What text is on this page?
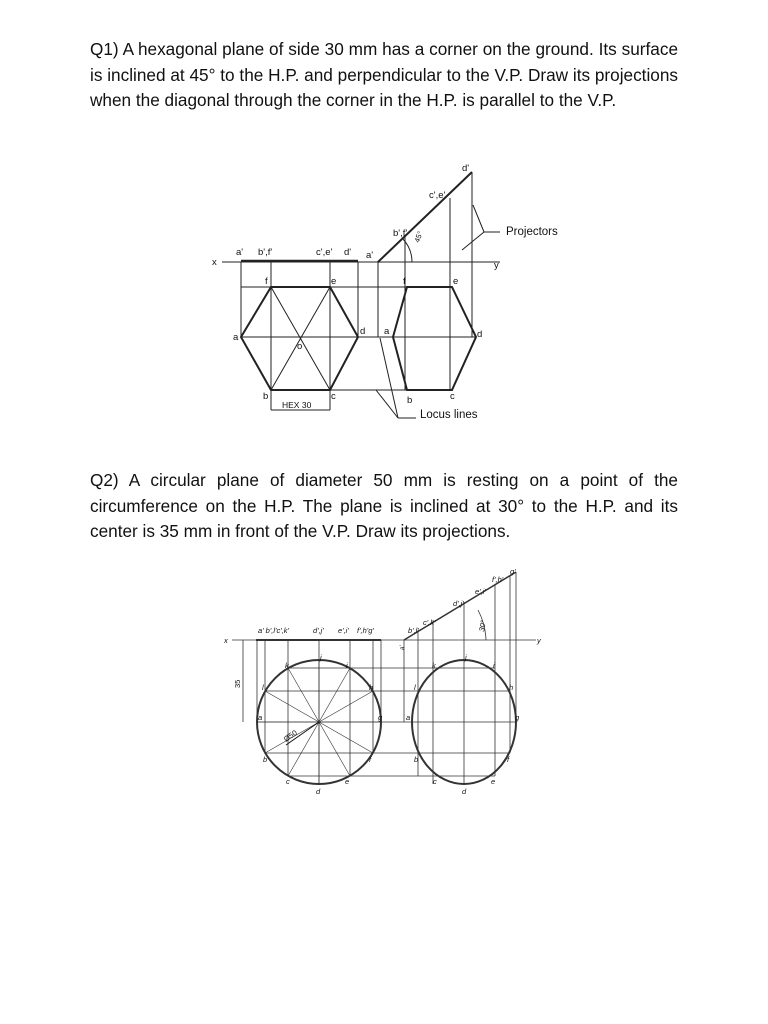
Q1) A hexagonal plane of side 30 mm has a corner on the ground. Its surface is inclined at 45° to the H.P. and perpendicular to the V.P. Draw its projections when the diagonal through the corner in the H.P. is parallel to the V.P.
Q2) A circular plane of diameter 50 mm is resting on a point of the circumference on the H.P. The plane is inclined at 30° to the H.P. and its center is 35 mm in front of the V.P. Draw its projections.
x	y
a' b',f'	c',e' d' a'
b',f'
c',e'
d'
45°	Projectors
Locus lines
a
b	c
d
e
f
o
a
b	c
d
e
f
HEX 30
x	y
a' b',l'c',k'	d',j' e',i' f',h'g'
a'
b',l'
c',k'
d',j'
e',i'
f',h'
g'
30°
35
Ø50
a
b
c
d
e
f
g
h
i
j
k
l
a
b
c
d
e
f
g
h
i
j
k
l
